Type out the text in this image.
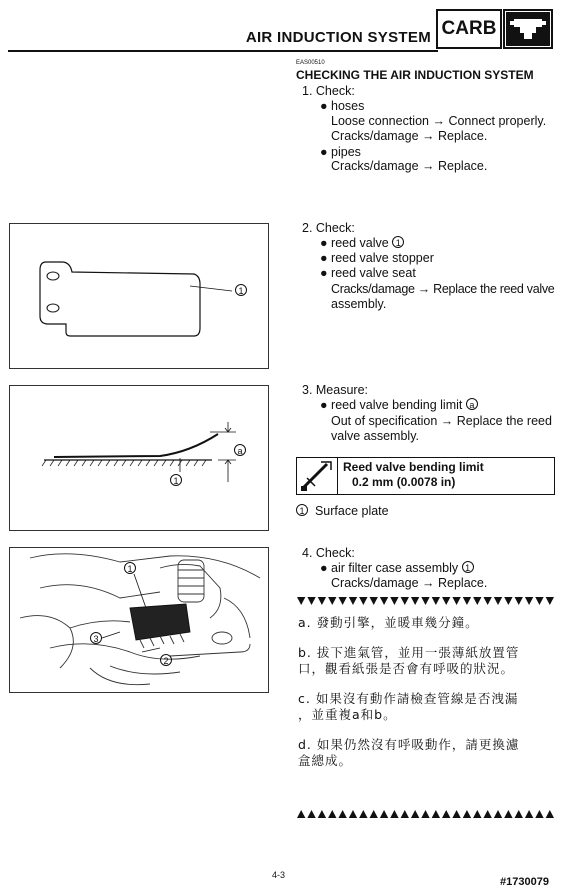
AIR INDUCTION SYSTEM CARB
EAS00510
CHECKING THE AIR INDUCTION SYSTEM
1. Check:
● hoses
Loose connection → Connect properly.
Cracks/damage → Replace.
● pipes
Cracks/damage → Replace.
1
2. Check:
● reed valve 1
● reed valve stopper
● reed valve seat
Cracks/damage → Replace the reed valve
assembly.
a
1
3. Measure:
● reed valve bending limit a
Out of specification → Replace the reed
valve assembly.
Reed valve bending limit
0.2 mm (0.0078 in)
1 Surface plate
1
2
3
4. Check:
● air filter case assembly 1
Cracks/damage → Replace.
a. 發動引擎，並暖車幾分鐘。
b. 拔下進氣管，並用一張薄紙放置管
口，觀看紙張是否會有呼吸的狀況。
c. 如果沒有動作請檢查管線是否洩漏
，並重複a和b。
d. 如果仍然沒有呼吸動作，請更換濾
盒總成。
4-3
#1730079
